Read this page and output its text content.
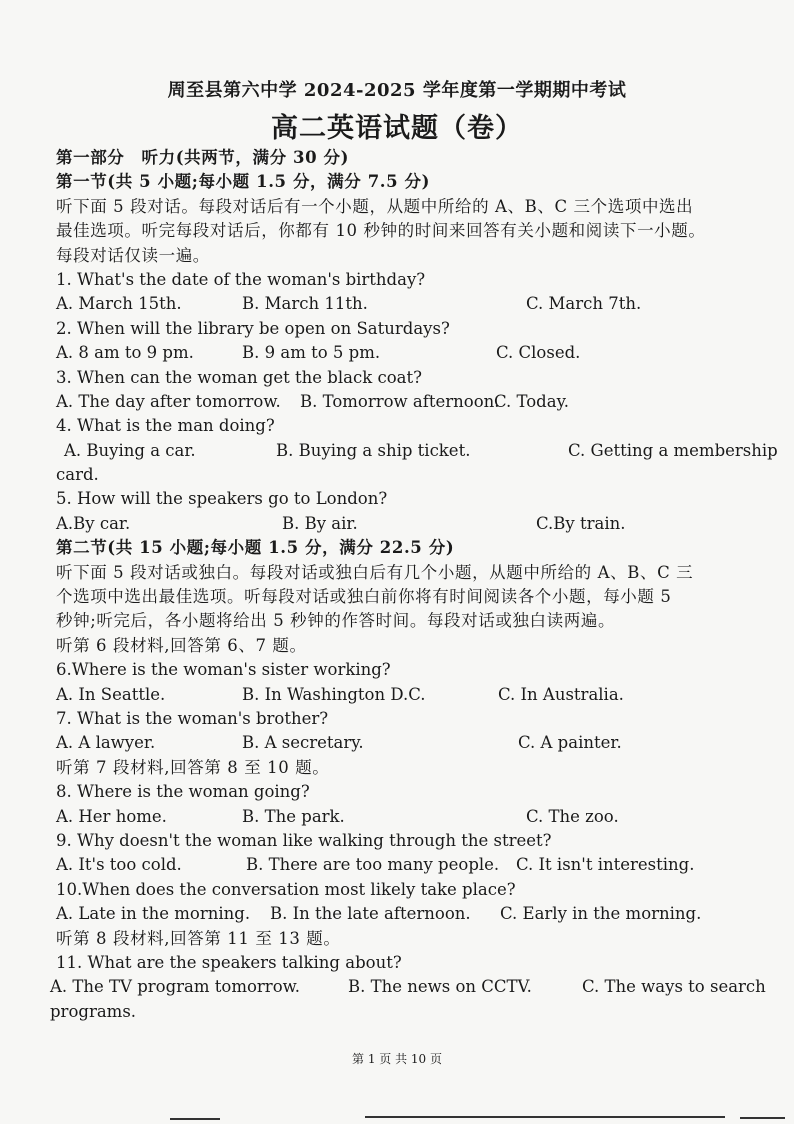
周至县第六中学 2024-2025 学年度第一学期期中考试
高二英语试题（卷）
第一部分　听力(共两节，满分 30 分)
第一节(共 5 小题;每小题 1.5 分，满分 7.5 分)
听下面 5 段对话。每段对话后有一个小题，从题中所给的 A、B、C 三个选项中选出
最佳选项。听完每段对话后，你都有 10 秒钟的时间来回答有关小题和阅读下一小题。
每段对话仅读一遍。
1. What's the date of the woman's birthday?
A. March 15th.	B. March 11th.	C. March 7th.
2. When will the library be open on Saturdays?
A. 8 am to 9 pm.	B. 9 am to 5 pm.	C. Closed.
3. When can the woman get the black coat?
A. The day after tomorrow. B. Tomorrow afternoon.
C. Today.
4. What is the man doing?
A. Buying a car.	B. Buying a ship ticket.	C. Getting a membership
card.
5. How will the speakers go to London?
A.By car.	B. By air.	C.By train.
第二节(共 15 小题;每小题 1.5 分，满分 22.5 分)
听下面 5 段对话或独白。每段对话或独白后有几个小题，从题中所给的 A、B、C 三
个选项中选出最佳选项。听每段对话或独白前你将有时间阅读各个小题，每小题 5
秒钟;听完后，各小题将给出 5 秒钟的作答时间。每段对话或独白读两遍。
听第 6 段材料,回答第 6、7 题。
6.Where is the woman's sister working?
A. In Seattle.	B. In Washington D.C.	C. In Australia.
7. What is the woman's brother?
A. A lawyer.	B. A secretary.	C. A painter.
听第 7 段材料,回答第 8 至 10 题。
8. Where is the woman going?
A. Her home.	B. The park.	C. The zoo.
9. Why doesn't the woman like walking through the street?
A. It's too cold.	B. There are too many people. C. It isn't interesting.
10.When does the conversation most likely take place?
A. Late in the morning. B. In the late afternoon. C. Early in the morning.
听第 8 段材料,回答第 11 至 13 题。
11. What are the speakers talking about?
A. The TV program tomorrow.	B. The news on CCTV.	C. The ways to search
programs.
第 1 页 共 10 页
